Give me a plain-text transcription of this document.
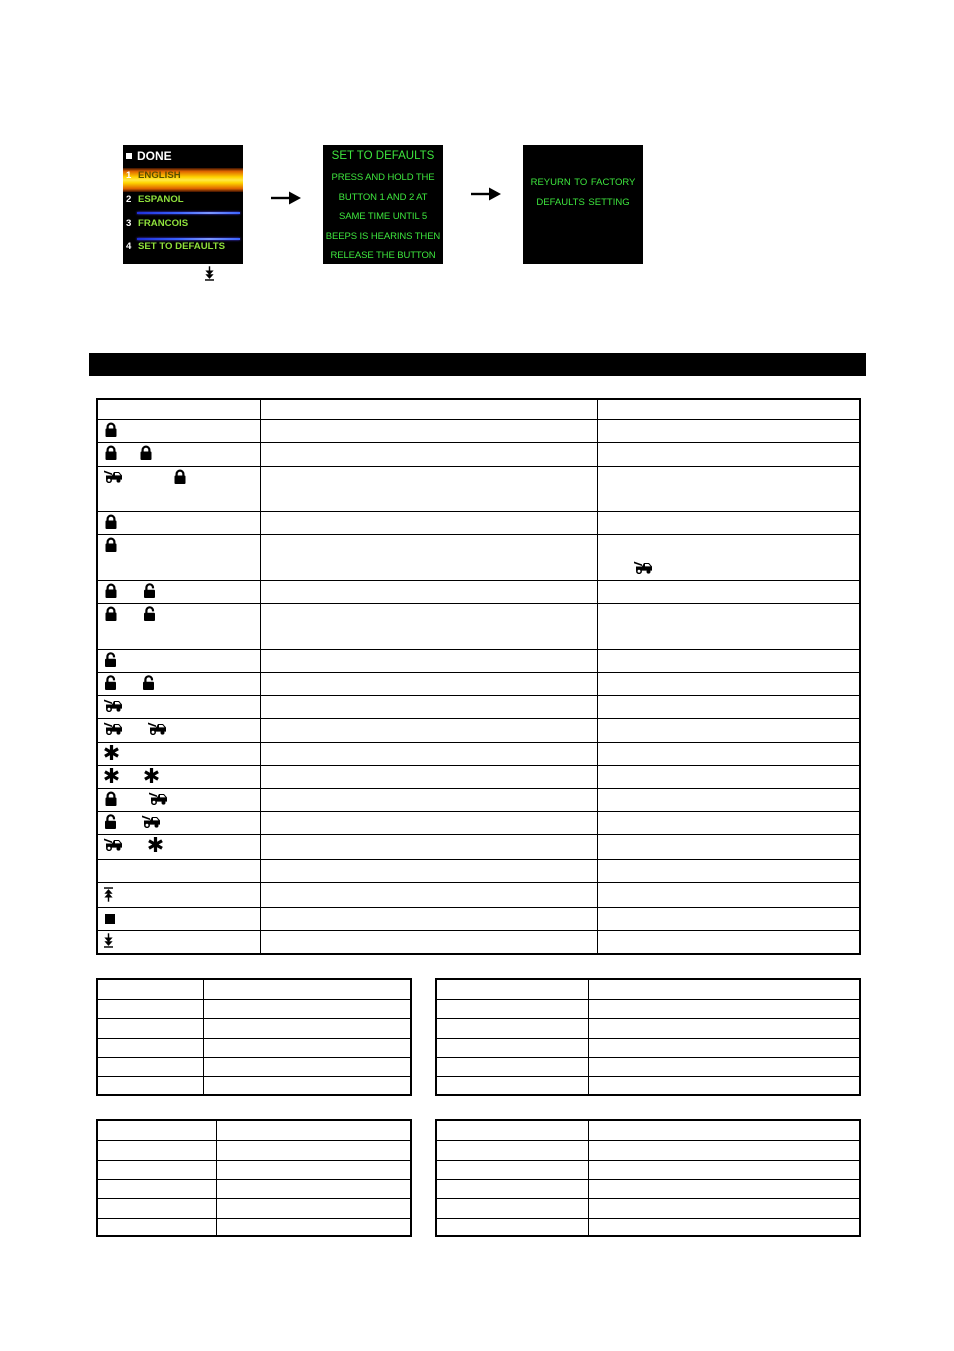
DONE
1 ENGLISH
2 ESPANOL
3 FRANCOIS
4 SET TO DEFAULTS
SET TO DEFAULTS
PRESS AND HOLD THE
BUTTON 1 AND 2 AT
SAME TIME UNTIL 5
BEEPS IS HEARINS THEN
RELEASE THE BUTTON
REYURN TO FACTORY
DEFAULTS SETTING
